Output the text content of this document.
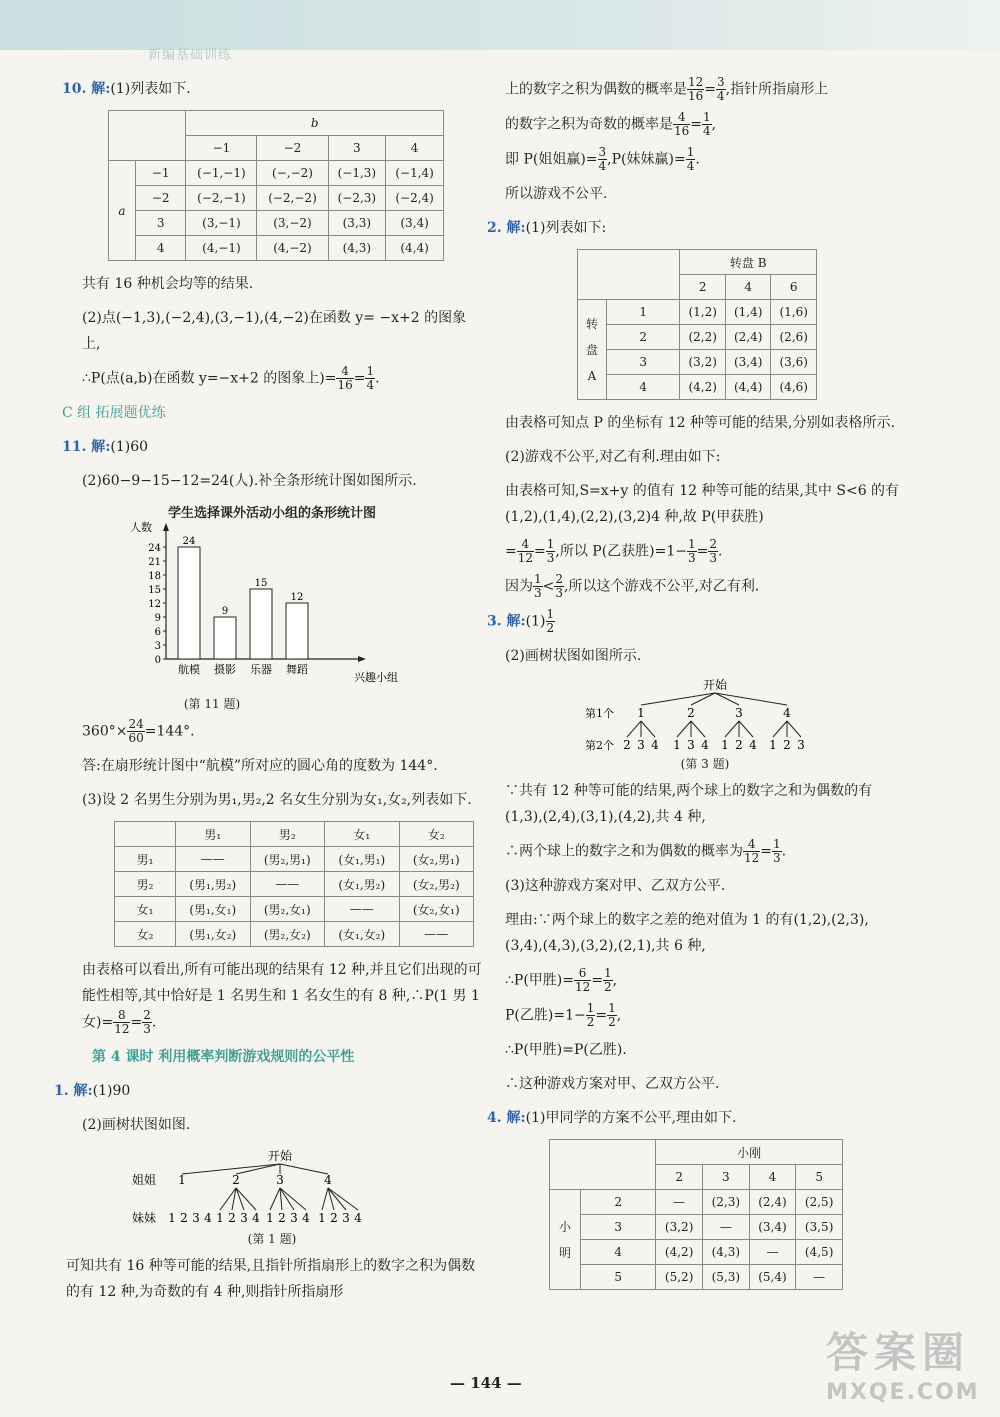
新编基础训练
10. 解:(1)列表如下.
		b			
		−1	−2	3	4
a	−1	(−1,−1)	(−,−2)	(−1,3)	(−1,4)
	−2	(−2,−1)	(−2,−2)	(−2,3)	(−2,4)
	3	(3,−1)	(3,−2)	(3,3)	(3,4)
	4	(4,−1)	(4,−2)	(4,3)	(4,4)
共有 16 种机会均等的结果.
(2)点(−1,3),(−2,4),(3,−1),(4,−2)在函数 y= −x+2 的图象上,
∴P(点(a,b)在函数 y=−x+2 的图象上)= $\frac{4}{16} = \frac{1}{4}$ .
C 组 拓展题优练
11. 解:(1)60
(2)60−9−15−12=24(人).补全条形统计图如图所示.
学生选择课外活动小组的条形统计图
人数
兴趣小组
0
3
6
9
12
15
18
21
24
24
航模
9
摄影
15
乐器
12
舞蹈
(第 11 题)
$360^\circ\times \frac{24}{60} =144^\circ$.
答:在扇形统计图中“航模”所对应的圆心角的度数为 144°.
(3)设 2 名男生分别为男₁,男₂,2 名女生分别为女₁,女₂,列表如下.
	男₁	男₂	女₁	女₂
男₁	——	(男₂,男₁)	(女₁,男₁)	(女₂,男₁)
男₂	(男₁,男₂)	——	(女₁,男₂)	(女₂,男₂)
女₁	(男₁,女₁)	(男₂,女₁)	——	(女₂,女₁)
女₂	(男₁,女₂)	(男₂,女₂)	(女₁,女₂)	——
由表格可以看出,所有可能出现的结果有 12 种,并且它们出现的可能性相等,其中恰好是 1 名男生和 1 名女生的有 8 种,∴P(1 男 1 女)= $\frac{8}{12} = \frac{2}{3}$ .
第 4 课时 利用概率判断游戏规则的公平性
1. 解:(1)90
(2)画树状图如图.
开始
姐姐
妹妹
1	2	3	4
1 2 3 4 1 2 3 4 1 2 3 4 1 2 3 4
(第 1 题)
可知共有 16 种等可能的结果,且指针所指扇形上的数字之积为偶数的有 12 种,为奇数的有 4 种,则指针所指扇形
上的数字之积为偶数的概率是 $\frac{12}{16} = \frac{3}{4}$ ,指针所指扇形上
的数字之积为奇数的概率是 $\frac{4}{16} = \frac{1}{4}$ ,
即 P(姐姐赢)= $\frac{3}{4} ,P$(妹妹赢)= $\frac{1}{4}$ .
所以游戏不公平.
2. 解:(1)列表如下:
		转盘 B		
		2	4	6
转
盘
A	1	(1,2)	(1,4)	(1,6)
	2	(2,2)	(2,4)	(2,6)
	3	(3,2)	(3,4)	(3,6)
	4	(4,2)	(4,4)	(4,6)
由表格可知点 P 的坐标有 12 种等可能的结果,分别如表格所示.
(2)游戏不公平,对乙有利.理由如下:
由表格可知,S=x+y 的值有 12 种等可能的结果,其中 S<6 的有(1,2),(1,4),(2,2),(3,2)4 种,故 P(甲获胜)
= $\frac{4}{12} = \frac{1}{3}$ ,所以 P(乙获胜)$=1- \frac{1}{3} = \frac{2}{3}$ .
因为 $\frac{1}{3} < \frac{2}{3}$ ,所以这个游戏不公平,对乙有利.
3. 解:(1) $\frac{1}{2}$
(2)画树状图如图所示.
开始
第1个
第2个
1
2 3 4
2
1 3 4
3
1 2 4
4
1 2 3
(第 3 题)
∵共有 12 种等可能的结果,两个球上的数字之和为偶数的有(1,3),(2,4),(3,1),(4,2),共 4 种,
∴两个球上的数字之和为偶数的概率为 $\frac{4}{12} = \frac{1}{3}$ .
(3)这种游戏方案对甲、乙双方公平.
理由:∵两个球上的数字之差的绝对值为 1 的有(1,2),(2,3),(3,4),(4,3),(3,2),(2,1),共 6 种,
∴P(甲胜)= $\frac{6}{12} = \frac{1}{2}$ ,
P(乙胜)$=1- \frac{1}{2} = \frac{1}{2}$ ,
∴P(甲胜)=P(乙胜).
∴这种游戏方案对甲、乙双方公平.
4. 解:(1)甲同学的方案不公平,理由如下.
		小刚			
		2	3	4	5
小
明	2	—	(2,3)	(2,4)	(2,5)
	3	(3,2)	—	(3,4)	(3,5)
	4	(4,2)	(4,3)	—	(4,5)
	5	(5,2)	(5,3)	(5,4)	—
— 144 —
答案圈
MXQE.COM
